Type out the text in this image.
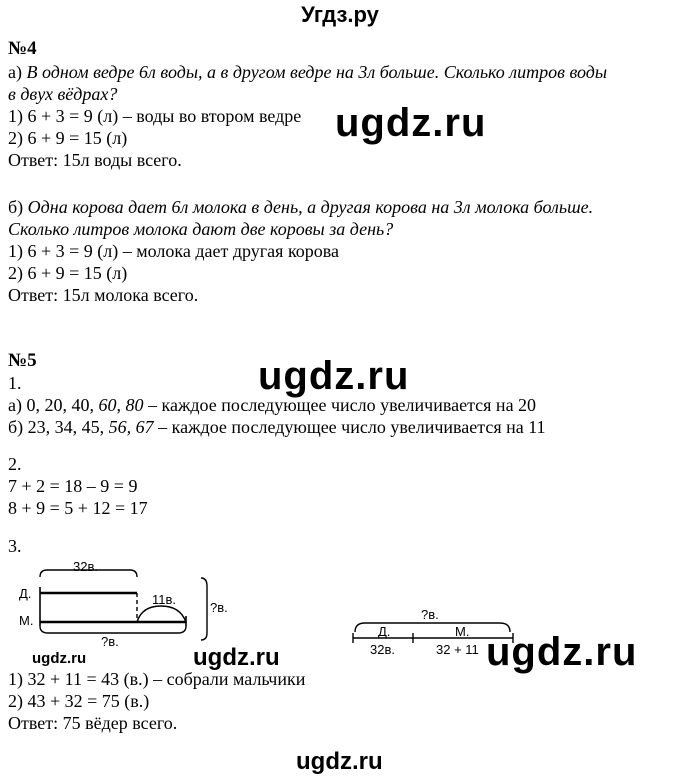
Угдз.ру
№4
а) В одном ведре 6л воды, а в другом ведре на 3л больше. Сколько литров воды
в двух вёдрах?
1) 6 + 3 = 9 (л) – воды во втором ведре
2) 6 + 9 = 15 (л)
Ответ: 15л воды всего.
ugdz.ru
б) Одна корова дает 6л молока в день, а другая корова на 3л молока больше.
Сколько литров молока дают две коровы за день?
1) 6 + 3 = 9 (л) – молока дает другая корова
2) 6 + 9 = 15 (л)
Ответ: 15л молока всего.
№5	ugdz.ru
1.
а) 0, 20, 40, 60, 80 – каждое последующее число увеличивается на 20
б) 23, 34, 45, 56, 67 – каждое последующее число увеличивается на 11
2.
7 + 2 = 18 – 9 = 9
8 + 9 = 5 + 12 = 17
3.
32в.
Д.
М.
11в.
?в.
?в.
?в.
Д.	М.
32в.	32 + 11 ugdz.ru
ugdz.ru	ugdz.ru
1) 32 + 11 = 43 (в.) – собрали мальчики
2) 43 + 32 = 75 (в.)
Ответ: 75 вёдер всего.
ugdz.ru
